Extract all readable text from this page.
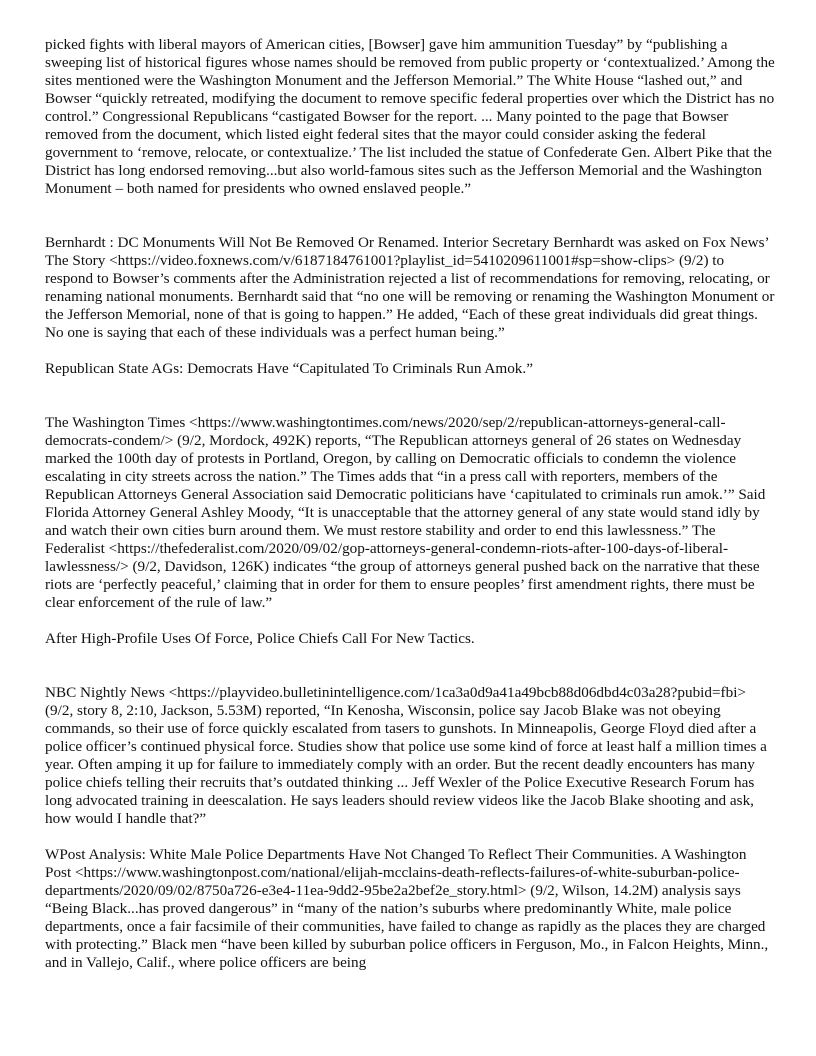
picked fights with liberal mayors of American cities, [Bowser] gave him ammunition Tuesday” by “publishing a sweeping list of historical figures whose names should be removed from public property or ‘contextualized.’ Among the sites mentioned were the Washington Monument and the Jefferson Memorial.” The White House “lashed out,” and Bowser “quickly retreated, modifying the document to remove specific federal properties over which the District has no control.” Congressional Republicans “castigated Bowser for the report. ... Many pointed to the page that Bowser removed from the document, which listed eight federal sites that the mayor could consider asking the federal government to ‘remove, relocate, or contextualize.’ The list included the statue of Confederate Gen. Albert Pike that the District has long endorsed removing...but also world-famous sites such as the Jefferson Memorial and the Washington Monument – both named for presidents who owned enslaved people.”

Bernhardt : DC Monuments Will Not Be Removed Or Renamed. Interior Secretary Bernhardt was asked on Fox News’ The Story <https://video.foxnews.com/v/6187184761001?playlist_id=5410209611001#sp=show-clips> (9/2) to respond to Bowser’s comments after the Administration rejected a list of recommendations for removing, relocating, or renaming national monuments. Bernhardt said that “no one will be removing or renaming the Washington Monument or the Jefferson Memorial, none of that is going to happen.” He added, “Each of these great individuals did great things. No one is saying that each of these individuals was a perfect human being.”

Republican State AGs: Democrats Have “Capitulated To Criminals Run Amok.”

The Washington Times <https://www.washingtontimes.com/news/2020/sep/2/republican-attorneys-general-call-democrats-condem/> (9/2, Mordock, 492K) reports, “The Republican attorneys general of 26 states on Wednesday marked the 100th day of protests in Portland, Oregon, by calling on Democratic officials to condemn the violence escalating in city streets across the nation.” The Times adds that “in a press call with reporters, members of the Republican Attorneys General Association said Democratic politicians have ‘capitulated to criminals run amok.’” Said Florida Attorney General Ashley Moody, “It is unacceptable that the attorney general of any state would stand idly by and watch their own cities burn around them. We must restore stability and order to end this lawlessness.” The Federalist <https://thefederalist.com/2020/09/02/gop-attorneys-general-condemn-riots-after-100-days-of-liberal-lawlessness/> (9/2, Davidson, 126K) indicates “the group of attorneys general pushed back on the narrative that these riots are ‘perfectly peaceful,’ claiming that in order for them to ensure peoples’ first amendment rights, there must be clear enforcement of the rule of law.”

After High-Profile Uses Of Force, Police Chiefs Call For New Tactics.

NBC Nightly News <https://playvideo.bulletinintelligence.com/1ca3a0d9a41a49bcb88d06dbd4c03a28?pubid=fbi> (9/2, story 8, 2:10, Jackson, 5.53M) reported, “In Kenosha, Wisconsin, police say Jacob Blake was not obeying commands, so their use of force quickly escalated from tasers to gunshots. In Minneapolis, George Floyd died after a police officer’s continued physical force. Studies show that police use some kind of force at least half a million times a year. Often amping it up for failure to immediately comply with an order. But the recent deadly encounters has many police chiefs telling their recruits that’s outdated thinking ... Jeff Wexler of the Police Executive Research Forum has long advocated training in deescalation. He says leaders should review videos like the Jacob Blake shooting and ask, how would I handle that?”

WPost Analysis: White Male Police Departments Have Not Changed To Reflect Their Communities. A Washington Post <https://www.washingtonpost.com/national/elijah-mcclains-death-reflects-failures-of-white-suburban-police-departments/2020/09/02/8750a726-e3e4-11ea-9dd2-95be2a2bef2e_story.html> (9/2, Wilson, 14.2M) analysis says “Being Black...has proved dangerous” in “many of the nation’s suburbs where predominantly White, male police departments, once a fair facsimile of their communities, have failed to change as rapidly as the places they are charged with protecting.” Black men “have been killed by suburban police officers in Ferguson, Mo., in Falcon Heights, Minn., and in Vallejo, Calif., where police officers are being
